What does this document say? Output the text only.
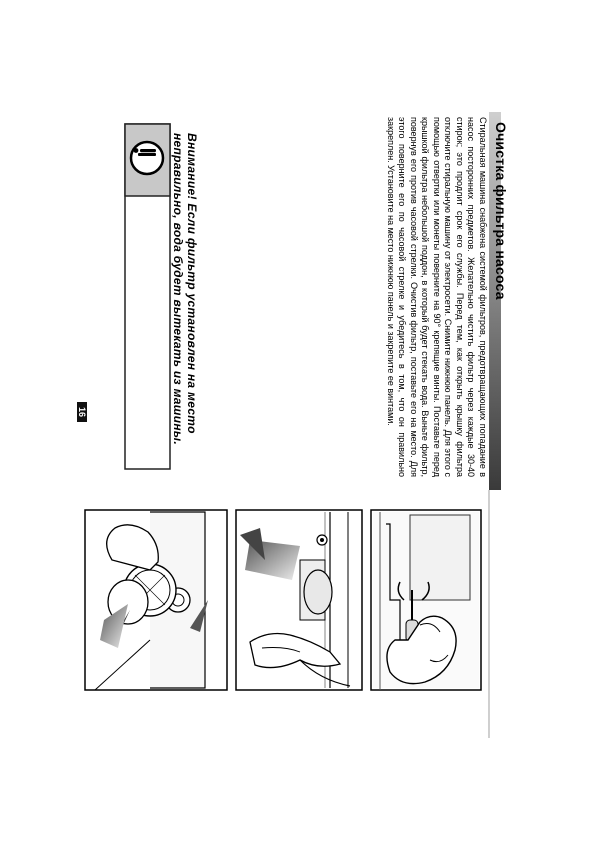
Очистка фильтра насоса

Стиральная машина снабжена системой фильтров, предотвращающих попадание в насос посторонних предметов. Желательно чистить фильтр через каждые 30-40 стирок; это продлит срок его службы. Перед тем, как открыть крышку фильтра отключите стиральную машину от электросети. Снимите нижнюю панель. Для этого с помощью отвертки или монеты поверните на 90° крепящие винты. Поставьте перед крышкой фильтра небольшой поддон, в который будет стекать вода. Выньте фильтр, повернув его против часовой стрелки. Очистив фильтр, поставьте его на место. Для этого поверните его по часовой стрелке и убедитесь в том, что он правильно закреплен. Установите на место нижнюю панель и закрепите ее винтами.

Внимание! Если фильтр установлен на место неправильно, вода будет вытекать из машины.
16
